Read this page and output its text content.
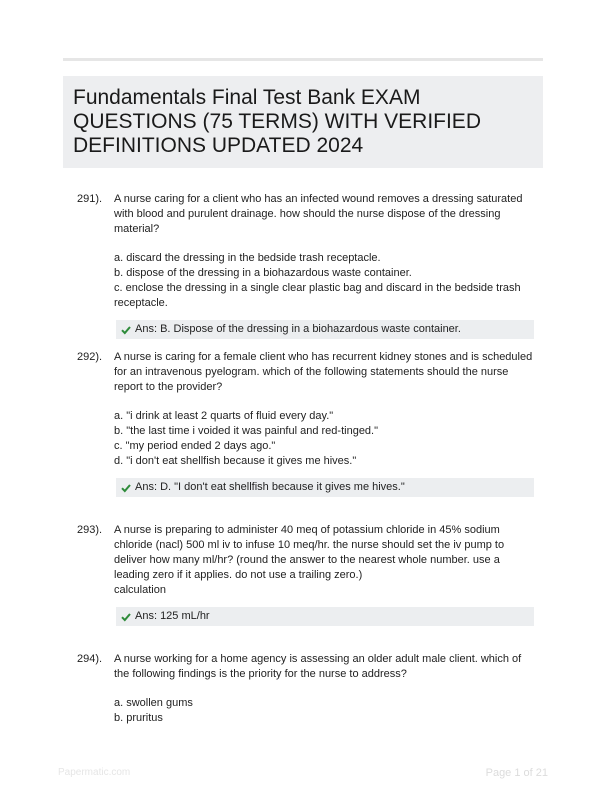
Fundamentals Final Test Bank EXAM QUESTIONS (75 TERMS) WITH VERIFIED DEFINITIONS UPDATED 2024
291). A nurse caring for a client who has an infected wound removes a dressing saturated with blood and purulent drainage. how should the nurse dispose of the dressing material?

a. discard the dressing in the bedside trash receptacle.
b. dispose of the dressing in a biohazardous waste container.
c. enclose the dressing in a single clear plastic bag and discard in the bedside trash receptacle.
Ans: B. Dispose of the dressing in a biohazardous waste container.
292). A nurse is caring for a female client who has recurrent kidney stones and is scheduled for an intravenous pyelogram. which of the following statements should the nurse report to the provider?

a. "i drink at least 2 quarts of fluid every day."
b. "the last time i voided it was painful and red-tinged."
c. "my period ended 2 days ago."
d. "i don't eat shellfish because it gives me hives."
Ans: D. "I don't eat shellfish because it gives me hives."
293). A nurse is preparing to administer 40 meq of potassium chloride in 45% sodium chloride (nacl) 500 ml iv to infuse 10 meq/hr. the nurse should set the iv pump to deliver how many ml/hr? (round the answer to the nearest whole number. use a leading zero if it applies. do not use a trailing zero.)

calculation

Ans: 125 mL/hr
294). A nurse working for a home agency is assessing an older adult male client. which of the following findings is the priority for the nurse to address?

a. swollen gums
b. pruritus
Papermatic.com	Page 1 of 21
